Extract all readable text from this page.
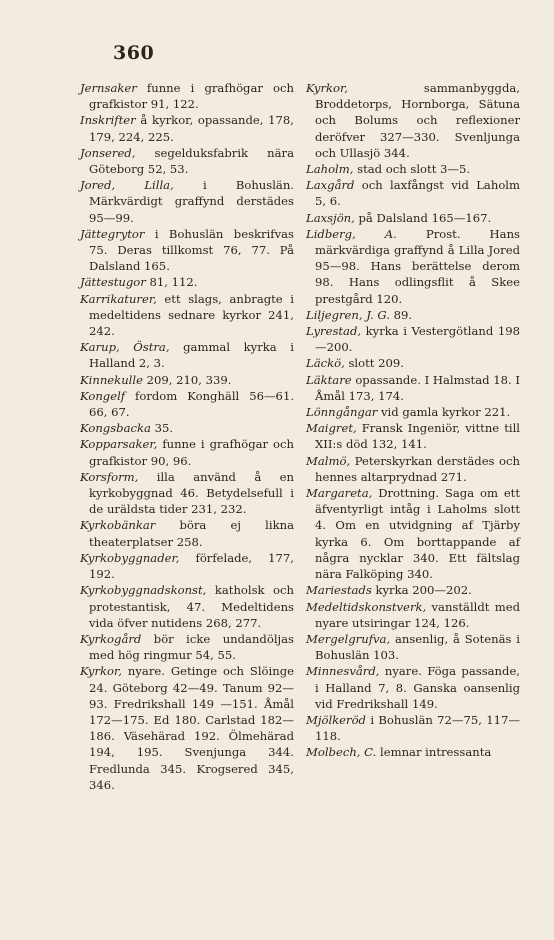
360

Jernsaker funne i grafhögar och grafkistor 91, 122.

Inskrifter å kyrkor, opassande, 178, 179, 224, 225.

Jonsered, segelduksfabrik nära Göteborg 52, 53.

Jored, Lilla, i Bohuslän. Märkvärdigt graffynd derstädes 95—99.

Jättegrytor i Bohuslän beskrifvas 75. Deras tillkomst 76, 77. På Dalsland 165.

Jättestugor 81, 112.

Karrikaturer, ett slags, anbragte i medeltidens sednare kyrkor 241, 242.

Karup, Östra, gammal kyrka i Halland 2, 3.

Kinnekulle 209, 210, 339.

Kongelf fordom Konghäll 56—61. 66, 67.

Kongsbacka 35.

Kopparsaker, funne i grafhögar och grafkistor 90, 96.

Korsform, illa använd å en kyrkobyggnad 46. Betydelsefull i de uräldsta tider 231, 232.

Kyrkobänkar böra ej likna theaterplatser 258.

Kyrkobyggnader, förfelade, 177, 192.

Kyrkobyggnadskonst, katholsk och protestantisk, 47. Medeltidens vida öfver nutidens 268, 277.

Kyrkogård bör icke undandöljas med hög ringmur 54, 55.

Kyrkor, nyare. Getinge och Slöinge 24. Göteborg 42—49. Tanum 92—93. Fredrikshall 149 —151. Åmål 172—175. Ed 180. Carlstad 182—186. Väsehärad 192. Ölmehärad 194, 195. Svenjunga 344. Fredlunda 345. Krogsered 345, 346.

Kyrkor, sammanbyggda, Broddetorps, Hornborga, Sätuna och Bolums och reflexioner deröfver 327—330. Svenljunga och Ullasjö 344.

Laholm, stad och slott 3—5.

Laxgård och laxfångst vid Laholm 5, 6.

Laxsjön, på Dalsland 165—167.

Lidberg, A. Prost. Hans märkvärdiga graffynd å Lilla Jored 95—98. Hans berättelse derom 98. Hans odlingsflit å Skee prestgård 120.

Liljegren, J. G. 89.

Lyrestad, kyrka i Vestergötland 198—200.

Läckö, slott 209.

Läktare opassande. I Halmstad 18. I Åmål 173, 174.

Lönngångar vid gamla kyrkor 221.

Maigret, Fransk Ingeniör, vittne till XII:s död 132, 141.

Malmö, Peterskyrkan derstädes och hennes altarprydnad 271.

Margareta, Drottning. Saga om ett äfventyrligt intåg i Laholms slott 4. Om en utvidgning af Tjärby kyrka 6. Om borttappande af några nycklar 340. Ett fältslag nära Falköping 340.

Mariestads kyrka 200—202.

Medeltidskonstverk, vanställdt med nyare utsiringar 124, 126.

Mergelgrufva, ansenlig, å Sotenäs i Bohuslän 103.

Minnesvård, nyare. Föga passande, i Halland 7, 8. Ganska oansenlig vid Fredrikshall 149.

Mjölkeröd i Bohuslän 72—75, 117—118.

Molbech, C. lemnar intressanta
